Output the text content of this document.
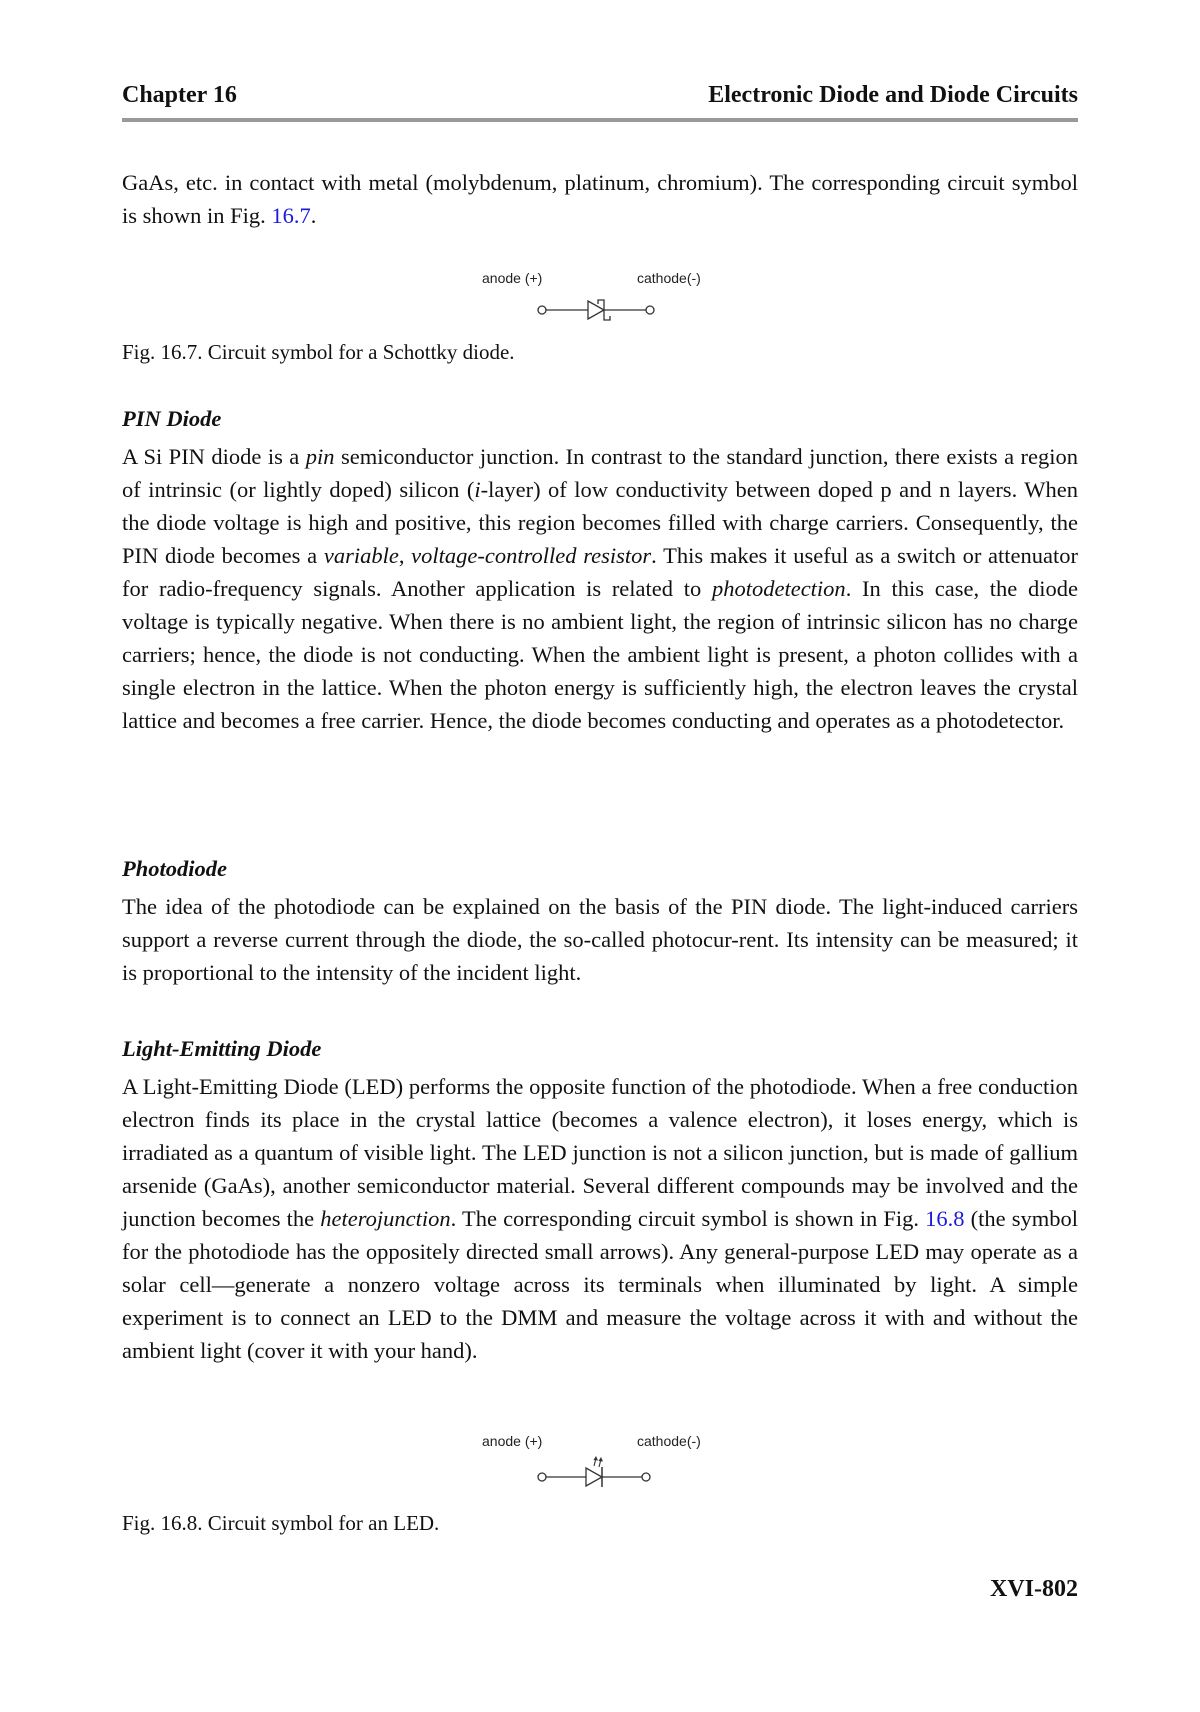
Chapter 16	Electronic Diode and Diode Circuits

GaAs, etc. in contact with metal (molybdenum, platinum, chromium). The corresponding circuit symbol is shown in Fig. 16.7.

anode (+)	cathode(-)

Fig. 16.7. Circuit symbol for a Schottky diode.

PIN Diode

A Si PIN diode is a pin semiconductor junction. In contrast to the standard junction, there exists a region of intrinsic (or lightly doped) silicon (i-layer) of low conductivity between doped p and n layers. When the diode voltage is high and positive, this region becomes filled with charge carriers. Consequently, the PIN diode becomes a variable, voltage-controlled resistor. This makes it useful as a switch or attenuator for radio-frequency signals. Another application is related to photodetection. In this case, the diode voltage is typically negative. When there is no ambient light, the region of intrinsic silicon has no charge carriers; hence, the diode is not conducting. When the ambient light is present, a photon collides with a single electron in the lattice. When the photon energy is sufficiently high, the electron leaves the crystal lattice and becomes a free carrier. Hence, the diode becomes conducting and operates as a photodetector.

Photodiode

The idea of the photodiode can be explained on the basis of the PIN diode. The light-induced carriers support a reverse current through the diode, the so-called photocur-rent. Its intensity can be measured; it is proportional to the intensity of the incident light.

Light-Emitting Diode

A Light-Emitting Diode (LED) performs the opposite function of the photodiode. When a free conduction electron finds its place in the crystal lattice (becomes a valence electron), it loses energy, which is irradiated as a quantum of visible light. The LED junction is not a silicon junction, but is made of gallium arsenide (GaAs), another semiconductor material. Several different compounds may be involved and the junction becomes the heterojunction. The corresponding circuit symbol is shown in Fig. 16.8 (the symbol for the photodiode has the oppositely directed small arrows). Any general-purpose LED may operate as a solar cell—generate a nonzero voltage across its terminals when illuminated by light. A simple experiment is to connect an LED to the DMM and measure the voltage across it with and without the ambient light (cover it with your hand).

anode (+)	cathode(-)

Fig. 16.8. Circuit symbol for an LED.

XVI-802
